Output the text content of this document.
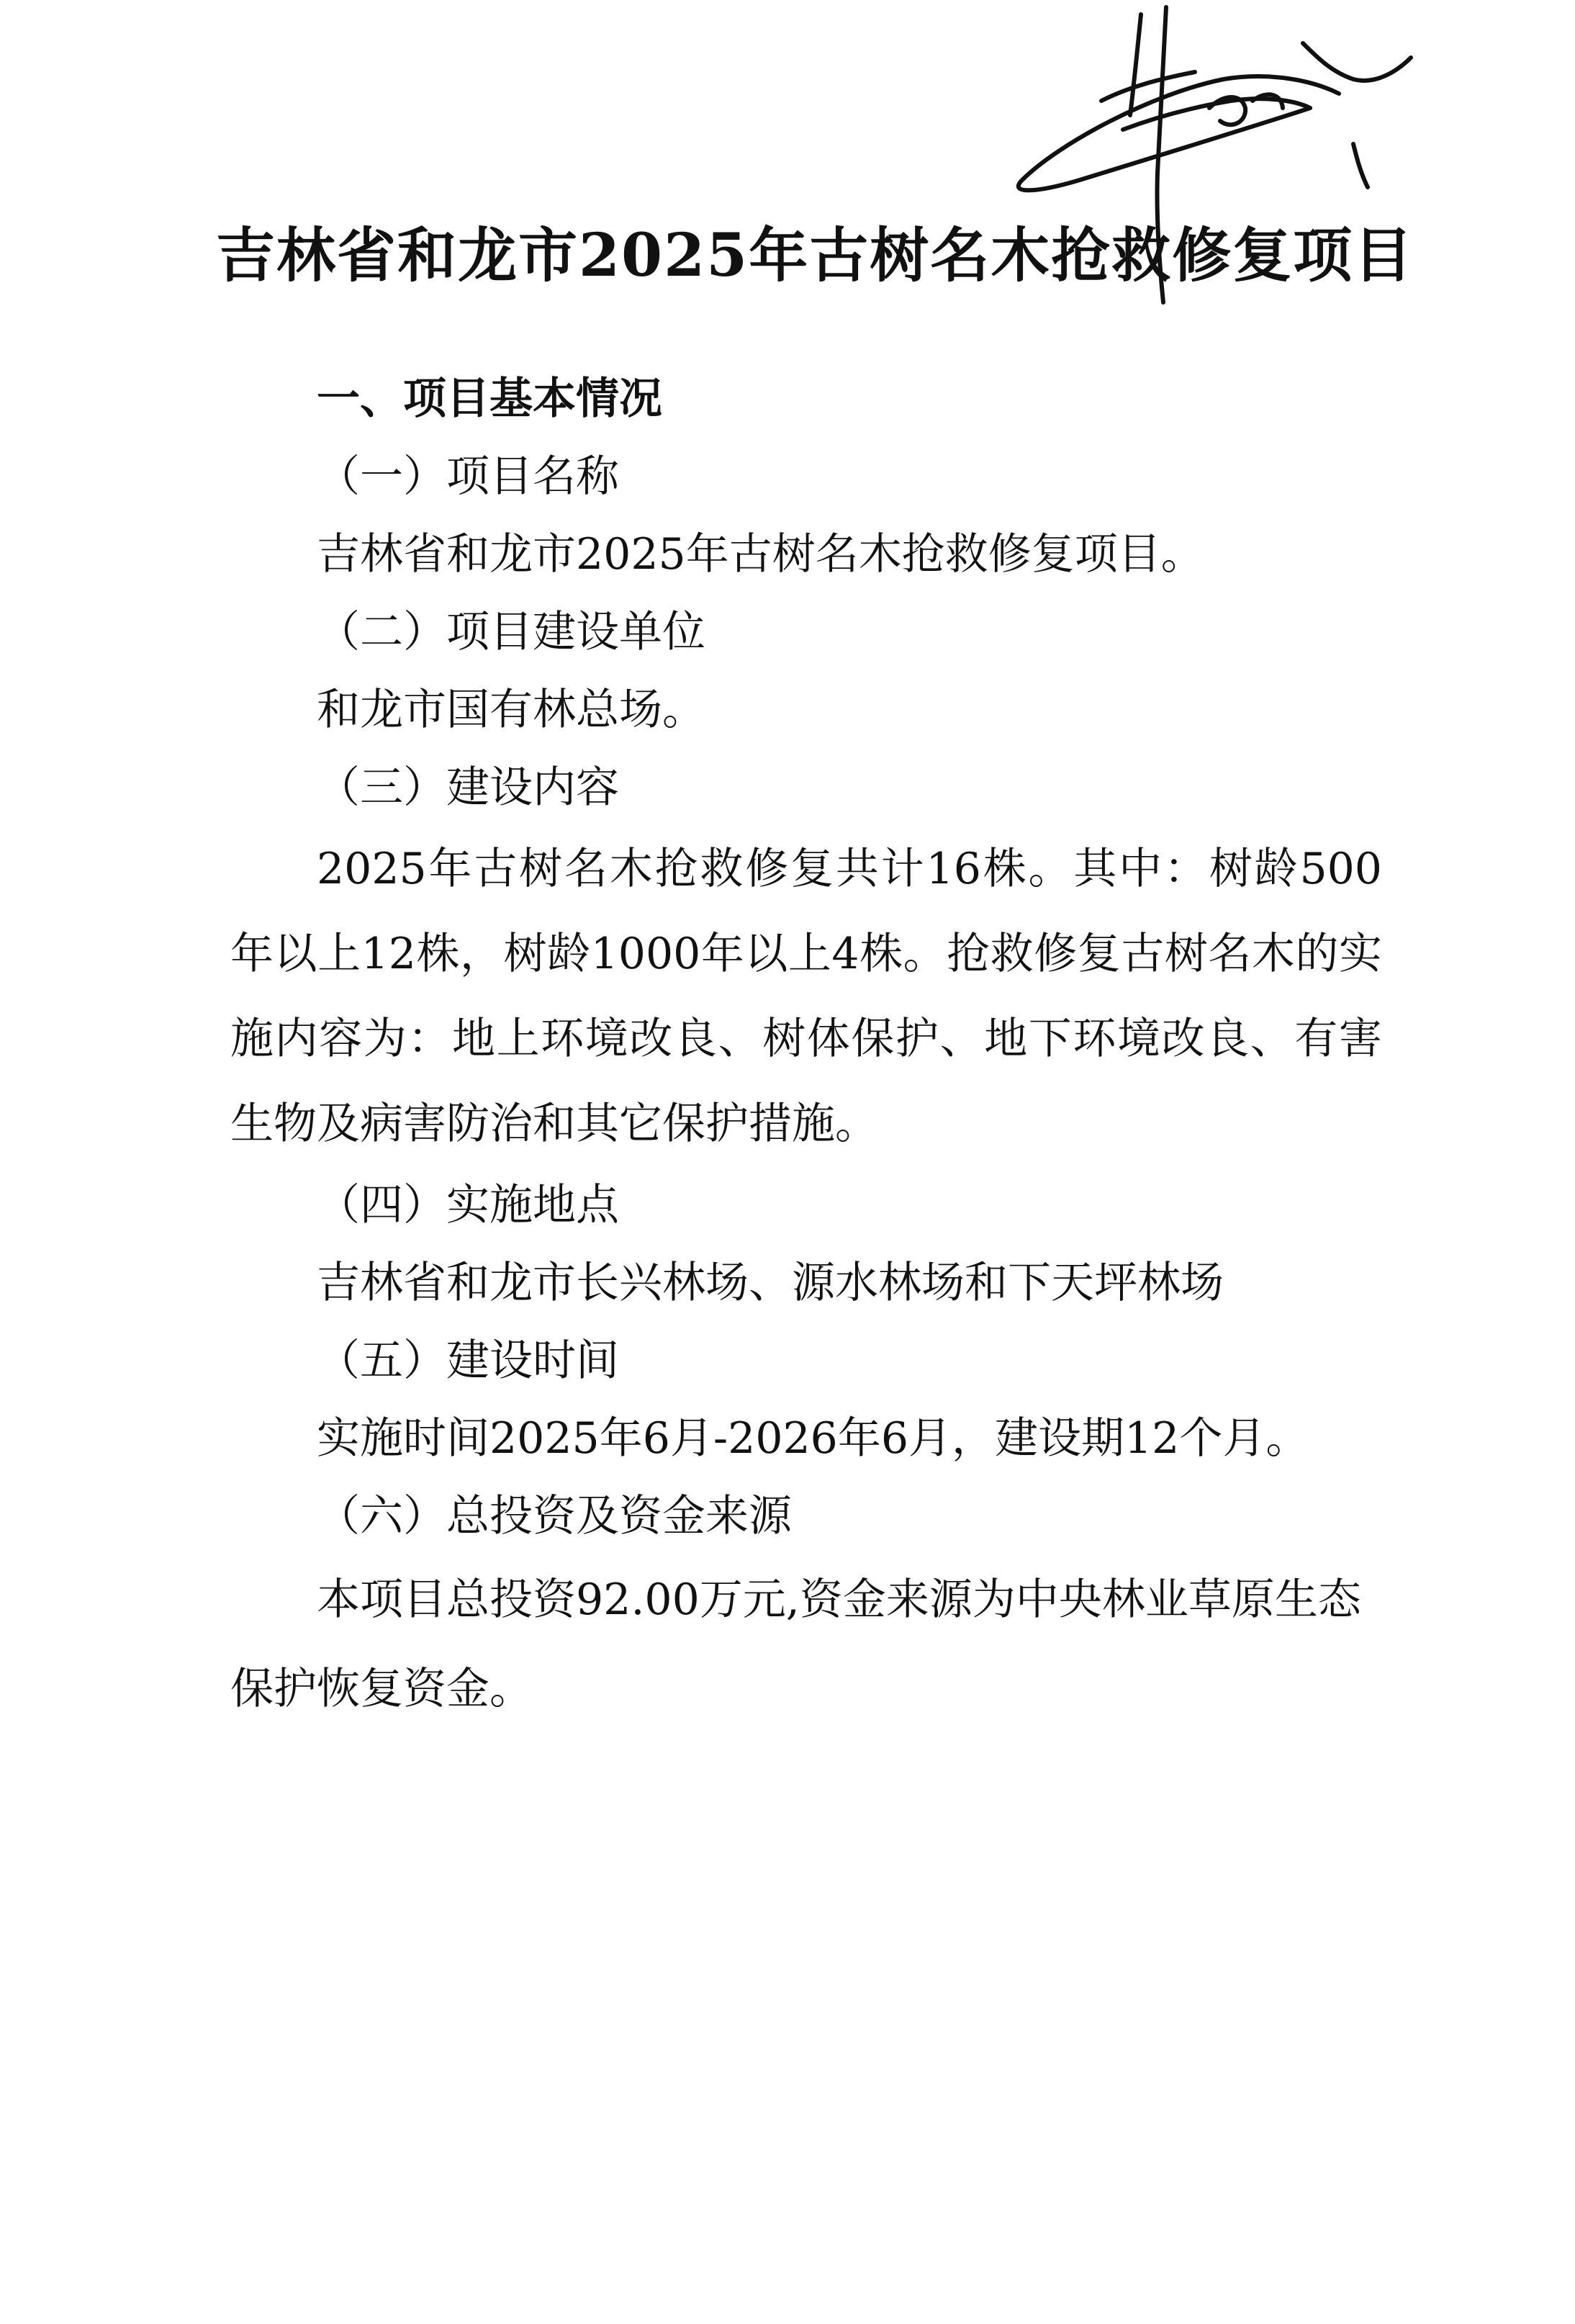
吉林省和龙市2025年古树名木抢救修复项目
一、项目基本情况
（一）项目名称
吉林省和龙市2025年古树名木抢救修复项目。
（二）项目建设单位
和龙市国有林总场。
（三）建设内容
2025年古树名木抢救修复共计16株。其中：树龄500年以上12株，树龄1000年以上4株。抢救修复古树名木的实施内容为：地上环境改良、树体保护、地下环境改良、有害生物及病害防治和其它保护措施。
（四）实施地点
吉林省和龙市长兴林场、源水林场和下天坪林场
（五）建设时间
实施时间2025年6月-2026年6月，建设期12个月。
（六）总投资及资金来源
本项目总投资92.00万元,资金来源为中央林业草原生态保护恢复资金。
